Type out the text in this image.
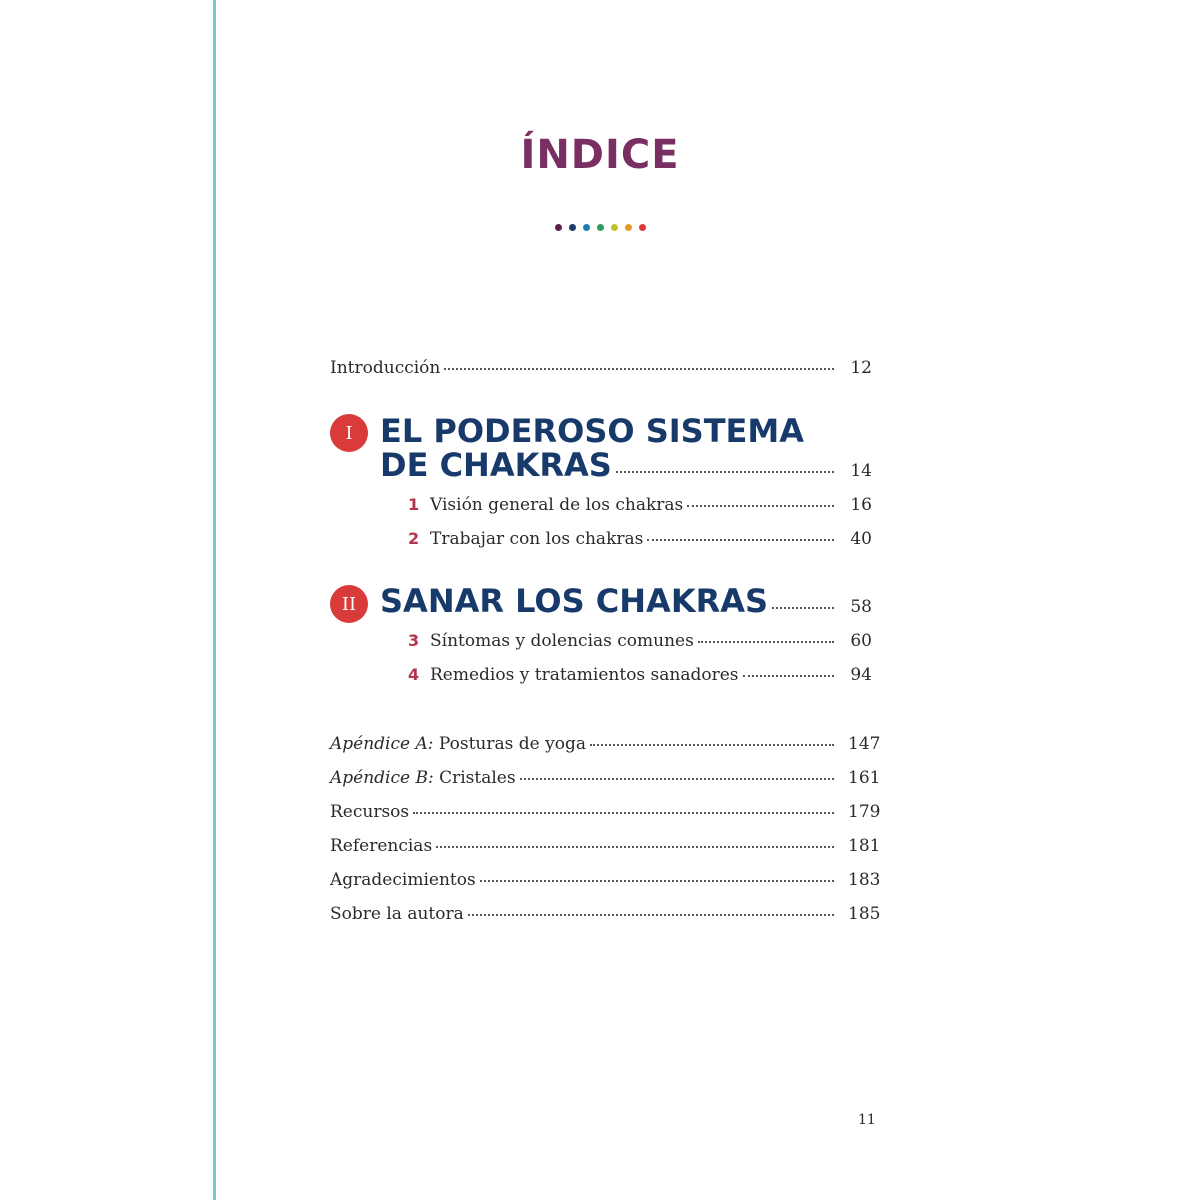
ÍNDICE
Introducción	12
I EL PODEROSO SISTEMA
DE CHAKRAS	14
1 Visión general de los chakras	16
2 Trabajar con los chakras	40
II SANAR LOS CHAKRAS	58
3 Síntomas y dolencias comunes	60
4 Remedios y tratamientos sanadores	94
Apéndice A: Posturas de yoga	147
Apéndice B: Cristales	161
Recursos	179
Referencias	181
Agradecimientos	183
Sobre la autora	185
11
